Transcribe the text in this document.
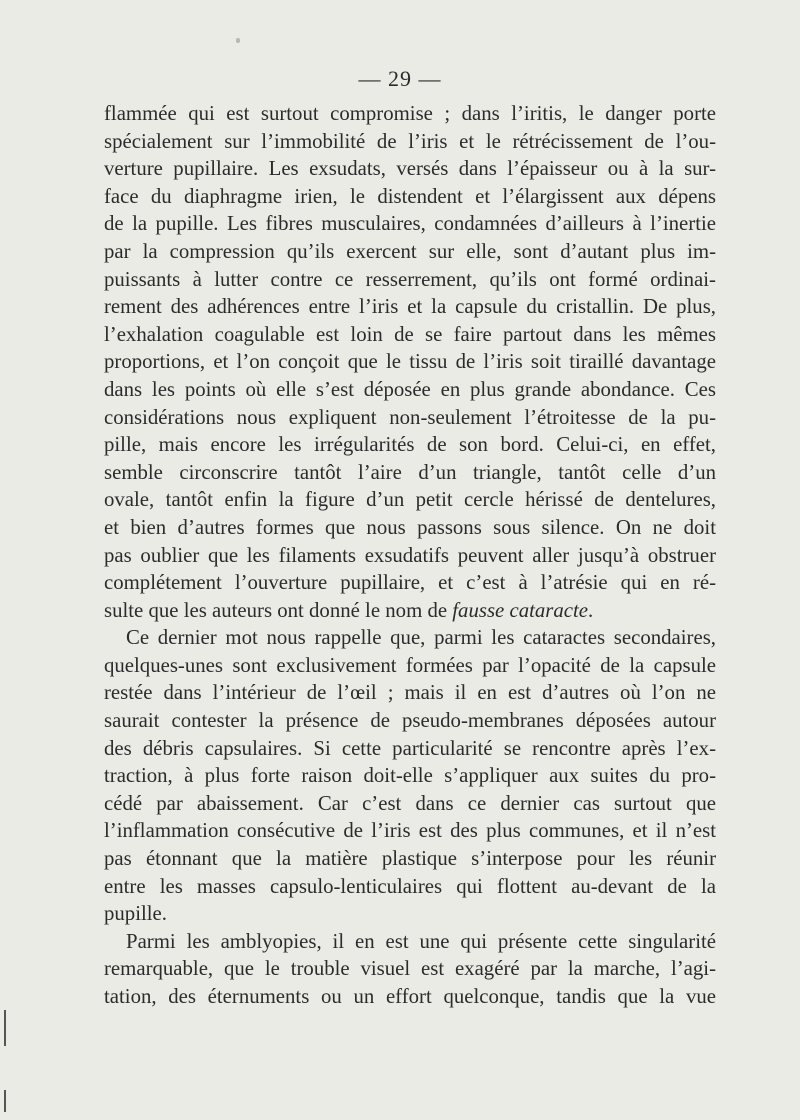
— 29 —
flammée qui est surtout compromise ; dans l’iritis, le danger porte
spécialement sur l’immobilité de l’iris et le rétrécissement de l’ou-
verture pupillaire. Les exsudats, versés dans l’épaisseur ou à la sur-
face du diaphragme irien, le distendent et l’élargissent aux dépens
de la pupille. Les fibres musculaires, condamnées d’ailleurs à l’inertie
par la compression qu’ils exercent sur elle, sont d’autant plus im-
puissants à lutter contre ce resserrement, qu’ils ont formé ordinai-
rement des adhérences entre l’iris et la capsule du cristallin. De plus,
l’exhalation coagulable est loin de se faire partout dans les mêmes
proportions, et l’on conçoit que le tissu de l’iris soit tiraillé davantage
dans les points où elle s’est déposée en plus grande abondance. Ces
considérations nous expliquent non-seulement l’étroitesse de la pu-
pille, mais encore les irrégularités de son bord. Celui-ci, en effet,
semble circonscrire tantôt l’aire d’un triangle, tantôt celle d’un
ovale, tantôt enfin la figure d’un petit cercle hérissé de dentelures,
et bien d’autres formes que nous passons sous silence. On ne doit
pas oublier que les filaments exsudatifs peuvent aller jusqu’à obstruer
complétement l’ouverture pupillaire, et c’est à l’atrésie qui en ré-
sulte que les auteurs ont donné le nom de fausse cataracte.
Ce dernier mot nous rappelle que, parmi les cataractes secondaires,
quelques-unes sont exclusivement formées par l’opacité de la capsule
restée dans l’intérieur de l’œil ; mais il en est d’autres où l’on ne
saurait contester la présence de pseudo-membranes déposées autour
des débris capsulaires. Si cette particularité se rencontre après l’ex-
traction, à plus forte raison doit-elle s’appliquer aux suites du pro-
cédé par abaissement. Car c’est dans ce dernier cas surtout que
l’inflammation consécutive de l’iris est des plus communes, et il n’est
pas étonnant que la matière plastique s’interpose pour les réunir
entre les masses capsulo-lenticulaires qui flottent au-devant de la
pupille.
Parmi les amblyopies, il en est une qui présente cette singularité
remarquable, que le trouble visuel est exagéré par la marche, l’agi-
tation, des éternuments ou un effort quelconque, tandis que la vue
